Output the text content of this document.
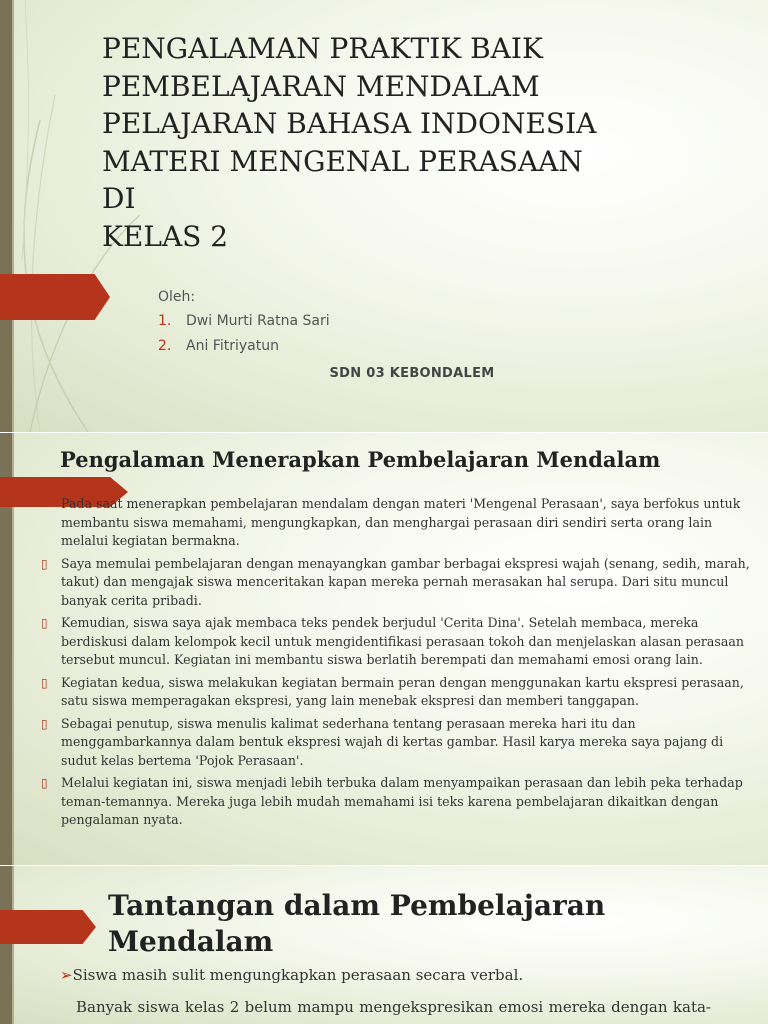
PENGALAMAN PRAKTIK BAIK
PEMBELAJARAN MENDALAM
PELAJARAN BAHASA INDONESIA
MATERI MENGENAL PERASAAN DI
KELAS 2

Oleh:

1. Dwi Murti Ratna Sari
2. Ani Fitriyatun

SDN 03 KEBONDALEM

Pengalaman Menerapkan Pembelajaran Mendalam
Pada saat menerapkan pembelajaran mendalam dengan materi 'Mengenal Perasaan', saya berfokus untuk membantu siswa memahami, mengungkapkan, dan menghargai perasaan diri sendiri serta orang lain melalui kegiatan bermakna.
▯ Saya memulai pembelajaran dengan menayangkan gambar berbagai ekspresi wajah (senang, sedih, marah, takut) dan mengajak siswa menceritakan kapan mereka pernah merasakan hal serupa. Dari situ muncul banyak cerita pribadi.
▯ Kemudian, siswa saya ajak membaca teks pendek berjudul 'Cerita Dina'. Setelah membaca, mereka berdiskusi dalam kelompok kecil untuk mengidentifikasi perasaan tokoh dan menjelaskan alasan perasaan tersebut muncul. Kegiatan ini membantu siswa berlatih berempati dan memahami emosi orang lain.
▯ Kegiatan kedua, siswa melakukan kegiatan bermain peran dengan menggunakan kartu ekspresi perasaan, satu siswa memperagakan ekspresi, yang lain menebak ekspresi dan memberi tanggapan.
▯ Sebagai penutup, siswa menulis kalimat sederhana tentang perasaan mereka hari itu dan menggambarkannya dalam bentuk ekspresi wajah di kertas gambar. Hasil karya mereka saya pajang di sudut kelas bertema 'Pojok Perasaan'.
▯ Melalui kegiatan ini, siswa menjadi lebih terbuka dalam menyampaikan perasaan dan lebih peka terhadap teman-temannya. Mereka juga lebih mudah memahami isi teks karena pembelajaran dikaitkan dengan pengalaman nyata.
Tantangan dalam Pembelajaran
Mendalam

➢Siswa masih sulit mengungkapkan perasaan secara verbal.

Banyak siswa kelas 2 belum mampu mengekspresikan emosi mereka dengan kata-
